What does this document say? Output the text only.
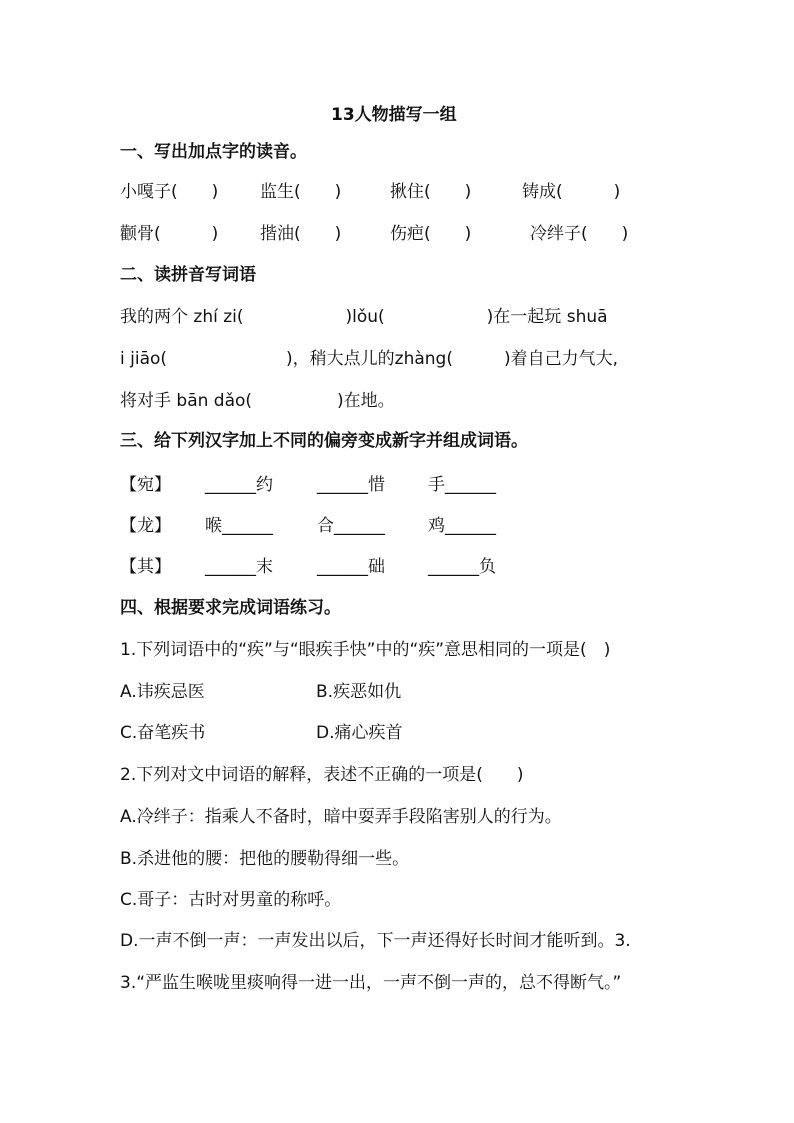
13人物描写一组
一、写出加点字的读音。
小嘎子(　　) 监生(　　)	揪住(　　)	铸成(　　　)
颧骨(　　　) 揩油(　　)	伤疤(　　)	冷绊子(　　)
二、读拼音写词语
我的两个 zhí zi(　　　　　　)lǒu(　　　　　　)在一起玩 shuā
i jiāo(　　　　　　　)，稍大点儿的zhàng(　　　)着自己力气大,
将对手 bān dǎo(　　　　　)在地。
三、给下列汉字加上不同的偏旁变成新字并组成词语。
【宛】 ______约	______惜	手______
【龙】 喉______	合______	鸡______
【其】 ______末	______础	______负
四、根据要求完成词语练习。
1.下列词语中的“疾”与“眼疾手快”中的“疾”意思相同的一项是(　)
A.讳疾忌医	B.疾恶如仇
C.奋笔疾书	D.痛心疾首
2.下列对文中词语的解释，表述不正确的一项是(　　)
A.冷绊子：指乘人不备时，暗中耍弄手段陷害别人的行为。
B.杀进他的腰：把他的腰勒得细一些。
C.哥子：古时对男童的称呼。
D.一声不倒一声：一声发出以后，下一声还得好长时间才能听到。3.
3.“严监生喉咙里痰响得一进一出，一声不倒一声的，总不得断气。”
